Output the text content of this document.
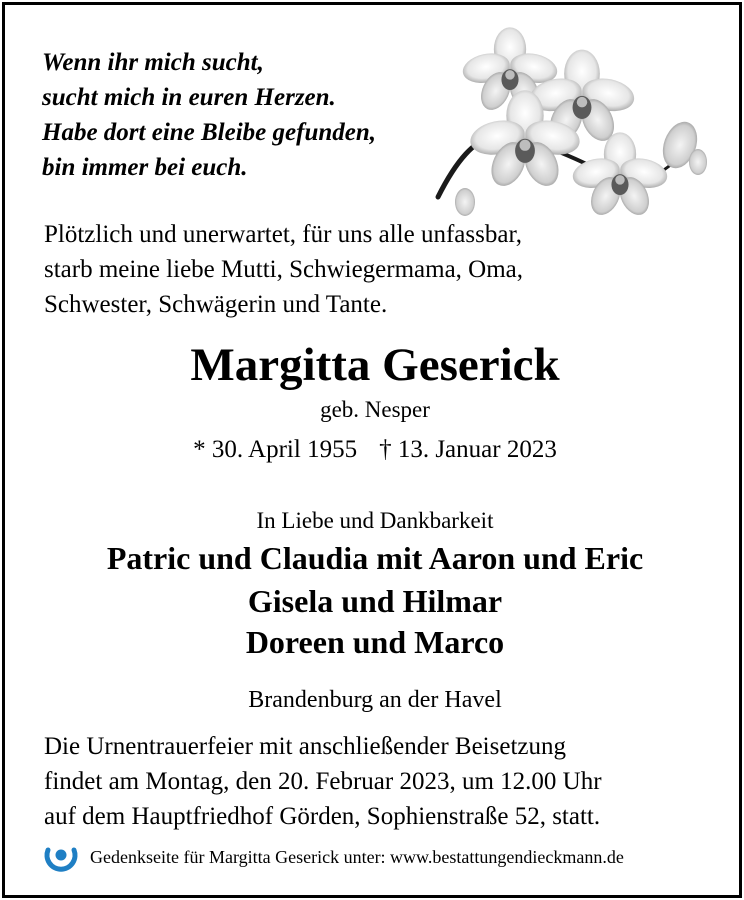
Wenn ihr mich sucht,
sucht mich in euren Herzen.
Habe dort eine Bleibe gefunden,
bin immer bei euch.
Plötzlich und unerwartet, für uns alle unfassbar,
starb meine liebe Mutti, Schwiegermama, Oma,
Schwester, Schwägerin und Tante.
Margitta Geserick
geb. Nesper
* 30. April 1955 † 13. Januar 2023
In Liebe und Dankbarkeit
Patric und Claudia mit Aaron und Eric
Gisela und Hilmar
Doreen und Marco
Brandenburg an der Havel
Die Urnentrauerfeier mit anschließender Beisetzung
findet am Montag, den 20. Februar 2023, um 12.00 Uhr
auf dem Hauptfriedhof Görden, Sophienstraße 52, statt.
Gedenkseite für Margitta Geserick unter: www.bestattungendieckmann.de
